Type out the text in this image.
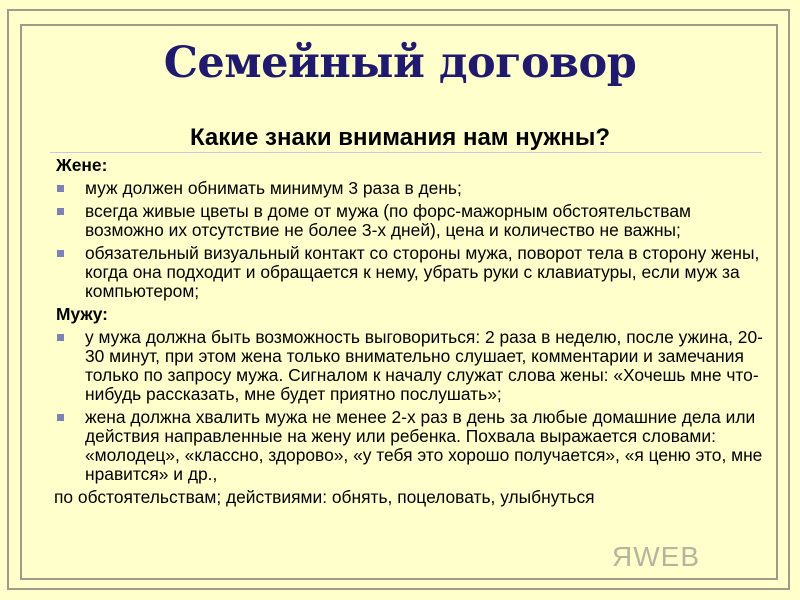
Семейный договор
Какие знаки внимания нам нужны?
Жене:
муж должен обнимать минимум 3 раза в день;
всегда живые цветы в доме от мужа (по форс-мажорным обстоятельствам возможно их отсутствие не более 3-х дней), цена и количество не важны;
обязательный визуальный контакт со стороны мужа, поворот тела в сторону жены, когда она подходит и обращается к нему, убрать руки с клавиатуры, если муж за компьютером;
Мужу:
у мужа должна быть возможность выговориться: 2 раза в неделю, после ужина, 20-30 минут, при этом жена только внимательно слушает, комментарии и замечания только по запросу мужа. Сигналом к началу служат слова жены: «Хочешь мне что-нибудь рассказать, мне будет приятно послушать»;
жена должна хвалить мужа не менее 2-х раз в день за любые домашние дела или действия направленные на жену или ребенка. Похвала выражается словами: «молодец», «классно, здорово», «у тебя это хорошо получается», «я ценю это, мне нравится» и др.,
по обстоятельствам; действиями: обнять, поцеловать, улыбнуться
ЯWEB
